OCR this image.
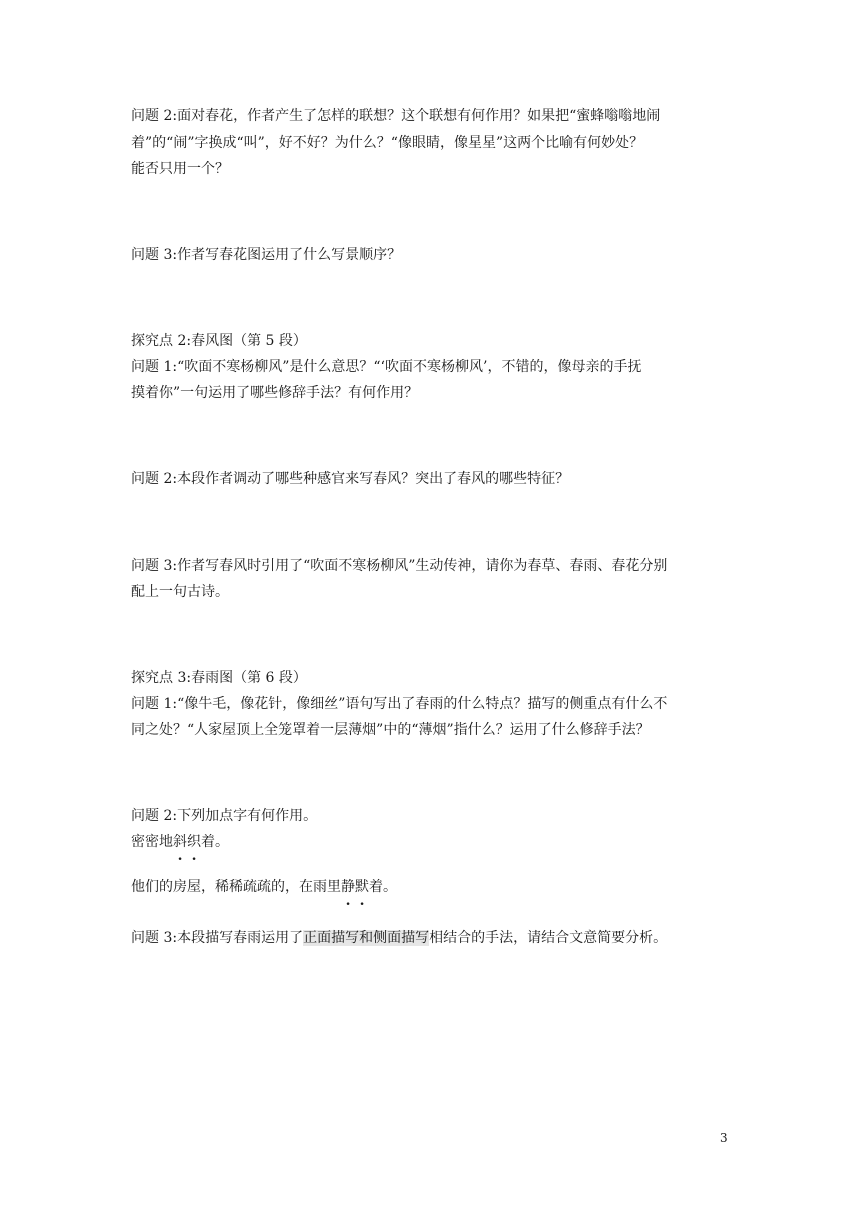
问题 2:面对春花，作者产生了怎样的联想？这个联想有何作用？如果把“蜜蜂嗡嗡地闹

着”的“闹”字换成“叫”，好不好？为什么？“像眼睛，像星星”这两个比喻有何妙处？

能否只用一个？

问题 3:作者写春花图运用了什么写景顺序？

探究点 2:春风图（第 5 段）

问题 1:“吹面不寒杨柳风”是什么意思？“‘吹面不寒杨柳风’，不错的，像母亲的手抚

摸着你”一句运用了哪些修辞手法？有何作用？

问题 2:本段作者调动了哪些种感官来写春风？突出了春风的哪些特征？

问题 3:作者写春风时引用了“吹面不寒杨柳风”生动传神，请你为春草、春雨、春花分别

配上一句古诗。

探究点 3:春雨图（第 6 段）

问题 1:“像牛毛，像花针，像细丝”语句写出了春雨的什么特点？描写的侧重点有什么不

同之处？“人家屋顶上全笼罩着一层薄烟”中的“薄烟”指什么？运用了什么修辞手法？

问题 2:下列加点字有何作用。

密密地斜织着。

他们的房屋，稀稀疏疏的，在雨里静默着。

问题 3:本段描写春雨运用了正面描写和侧面描写相结合的手法，请结合文意简要分析。

3
